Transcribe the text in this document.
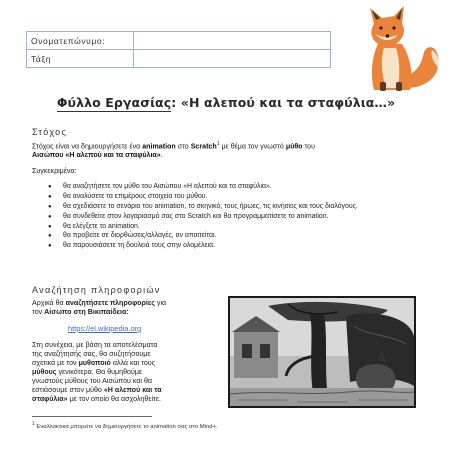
Ονοματεπώνυμο:	
Τάξη	
Φύλλο Εργασίας: «Η αλεπού και τα σταφύλια…»
Στόχος
Στόχος είναι να δημιουργήσετε ένα animation στο Scratch$^1$ με θέμα τον γνωστό μύθο του
Αισώπου «Η αλεπού και τα σταφύλια».
Συγκεκριμένα:
● θα αναζητήσετε τον μύθο του Αισώπου «Η αλεπού και τα σταφύλια».
● θα αναλύσετε τα επιμέρους στοιχεία του μύθου.
● θα σχεδιάσετε το σενάριο του animation, το σκηνικό, τους ήρωες, τις κινήσεις και τους διαλόγους.
● θα συνδεθείτε στον λογαριασμό σας στο Scratch και θα προγραμματίσετε το animation.
● θα ελέγξετε το animation.
● θα προβείτε σε διορθώσεις/αλλαγές, αν απαιτείται.
● θα παρουσιάσετε τη δουλειά τους στην ολομέλεια.
Αναζήτηση πληροφοριών
Αρχικά θα αναζητήσετε πληροφορίες για
τον Αίσωπο στη Βικιπαίδεια:
https://el.wikipedia.org
Στη συνέχεια, με βάση τα αποτελέσματα
της αναζήτησής σας, θα συζητήσουμε
σχετικά με τον μυθοποιό αλλά και τους
μύθους γενικότερα. Θα θυμηθούμε
γνωστούς μύθους του Αισώπου και θα
εστιάσουμε στον μύθο «Η αλεπού και τα
σταφύλια» με τον οποίο θα ασχοληθείτε.
$^1$ Εναλλακτικά μπορείτε να δημιουργήσετε το animation σας στο Mind+.
